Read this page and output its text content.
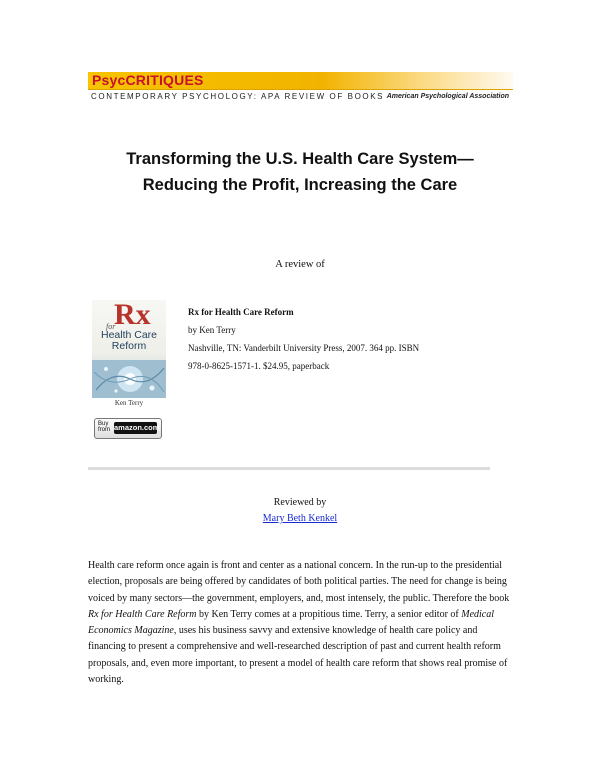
PsycCRITIQUES
CONTEMPORARY PSYCHOLOGY: APA REVIEW OF BOOKS American Psychological Association
Transforming the U.S. Health Care System—Reducing the Profit, Increasing the Care
A review of
Rx
for
Health Care Reform
Ken Terry
Buy from amazon.com
Rx for Health Care Reform
by Ken Terry
Nashville, TN: Vanderbilt University Press, 2007. 364 pp. ISBN
978-0-8625-1571-1. $24.95, paperback
Reviewed by
Mary Beth Kenkel

Health care reform once again is front and center as a national concern. In the run-up to the presidential election, proposals are being offered by candidates of both political parties. The need for change is being voiced by many sectors—the government, employers, and, most intensely, the public. Therefore the book Rx for Health Care Reform by Ken Terry comes at a propitious time. Terry, a senior editor of Medical Economics Magazine, uses his business savvy and extensive knowledge of health care policy and financing to present a comprehensive and well-researched description of past and current health reform proposals, and, even more important, to present a model of health care reform that shows real promise of working.
